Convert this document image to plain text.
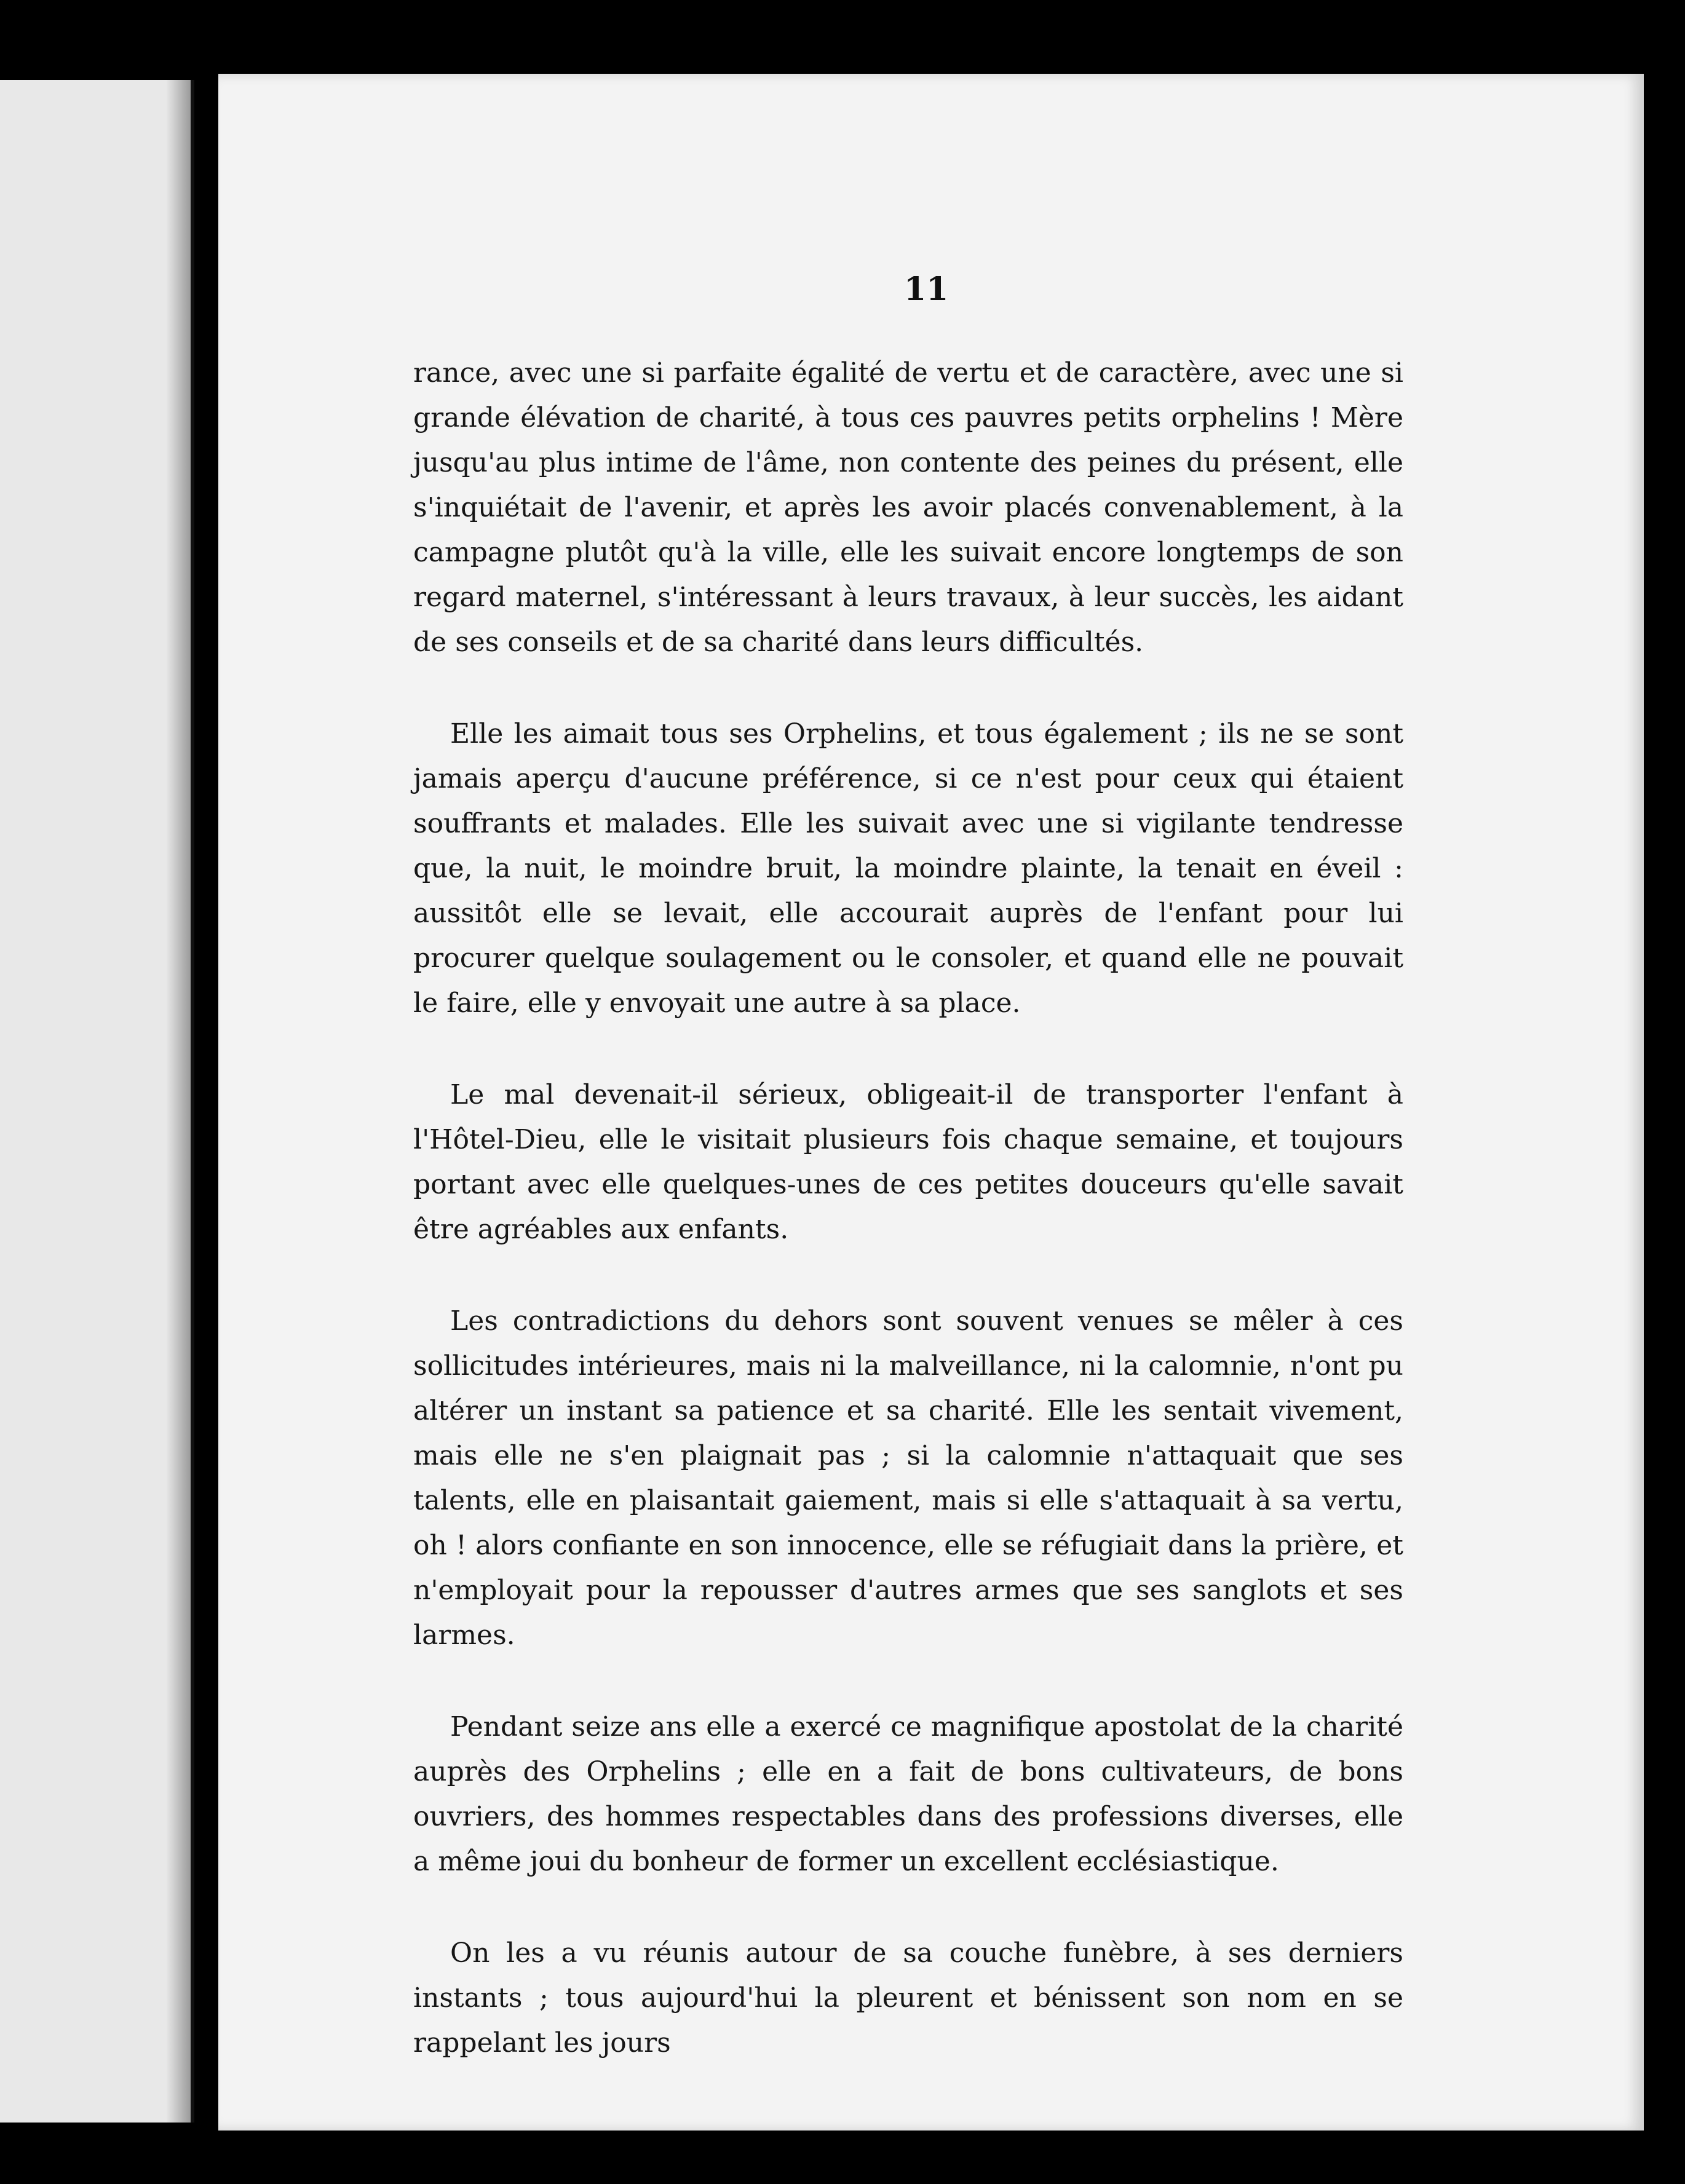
11

rance, avec une si parfaite égalité de vertu et de caractère, avec une si grande élévation de charité, à tous ces pauvres petits orphelins ! Mère jusqu'au plus intime de l'âme, non contente des peines du présent, elle s'inquiétait de l'avenir, et après les avoir placés convenablement, à la campagne plutôt qu'à la ville, elle les suivait encore longtemps de son regard maternel, s'intéressant à leurs travaux, à leur succès, les aidant de ses conseils et de sa charité dans leurs difficultés.

Elle les aimait tous ses Orphelins, et tous également ; ils ne se sont jamais aperçu d'aucune préférence, si ce n'est pour ceux qui étaient souffrants et malades. Elle les suivait avec une si vigilante tendresse que, la nuit, le moindre bruit, la moindre plainte, la tenait en éveil : aussitôt elle se levait, elle accourait auprès de l'enfant pour lui procurer quelque soulagement ou le consoler, et quand elle ne pouvait le faire, elle y envoyait une autre à sa place.

Le mal devenait-il sérieux, obligeait-il de transporter l'enfant à l'Hôtel-Dieu, elle le visitait plusieurs fois chaque semaine, et toujours portant avec elle quelques-unes de ces petites douceurs qu'elle savait être agréables aux enfants.

Les contradictions du dehors sont souvent venues se mêler à ces sollicitudes intérieures, mais ni la malveillance, ni la calomnie, n'ont pu altérer un instant sa patience et sa charité. Elle les sentait vivement, mais elle ne s'en plaignait pas ; si la calomnie n'attaquait que ses talents, elle en plaisantait gaiement, mais si elle s'attaquait à sa vertu, oh ! alors confiante en son innocence, elle se réfugiait dans la prière, et n'employait pour la repousser d'autres armes que ses sanglots et ses larmes.

Pendant seize ans elle a exercé ce magnifique apostolat de la charité auprès des Orphelins ; elle en a fait de bons cultivateurs, de bons ouvriers, des hommes respectables dans des professions diverses, elle a même joui du bonheur de former un excellent ecclésiastique.

On les a vu réunis autour de sa couche funèbre, à ses derniers instants ; tous aujourd'hui la pleurent et bénissent son nom en se rappelant les jours
